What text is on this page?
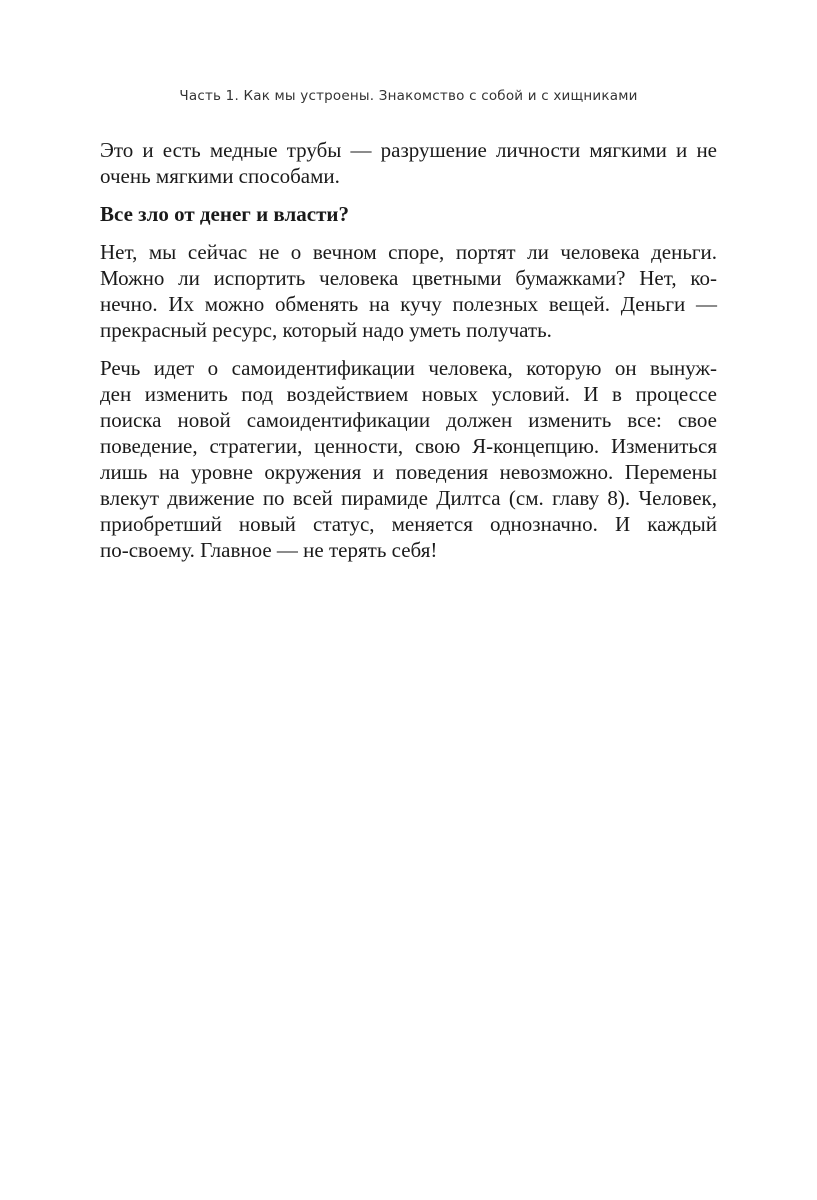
Часть 1. Как мы устроены. Знакомство с собой и с хищниками

Это и есть медные трубы — разрушение личности мягкими и не
очень мягкими способами.

Все зло от денег и власти?

Нет, мы сейчас не о вечном споре, портят ли человека деньги.
Можно ли испортить человека цветными бумажками? Нет, ко-
нечно. Их можно обменять на кучу полезных вещей. Деньги —
прекрасный ресурс, который надо уметь получать.

Речь идет о самоидентификации человека, которую он вынуж-
ден изменить под воздействием новых условий. И в процессе
поиска новой самоидентификации должен изменить все: свое
поведение, стратегии, ценности, свою Я-концепцию. Измениться
лишь на уровне окружения и поведения невозможно. Перемены
влекут движение по всей пирамиде Дилтса (см. главу 8). Человек,
приобретший новый статус, меняется однозначно. И каждый
по-своему. Главное — не терять себя!
